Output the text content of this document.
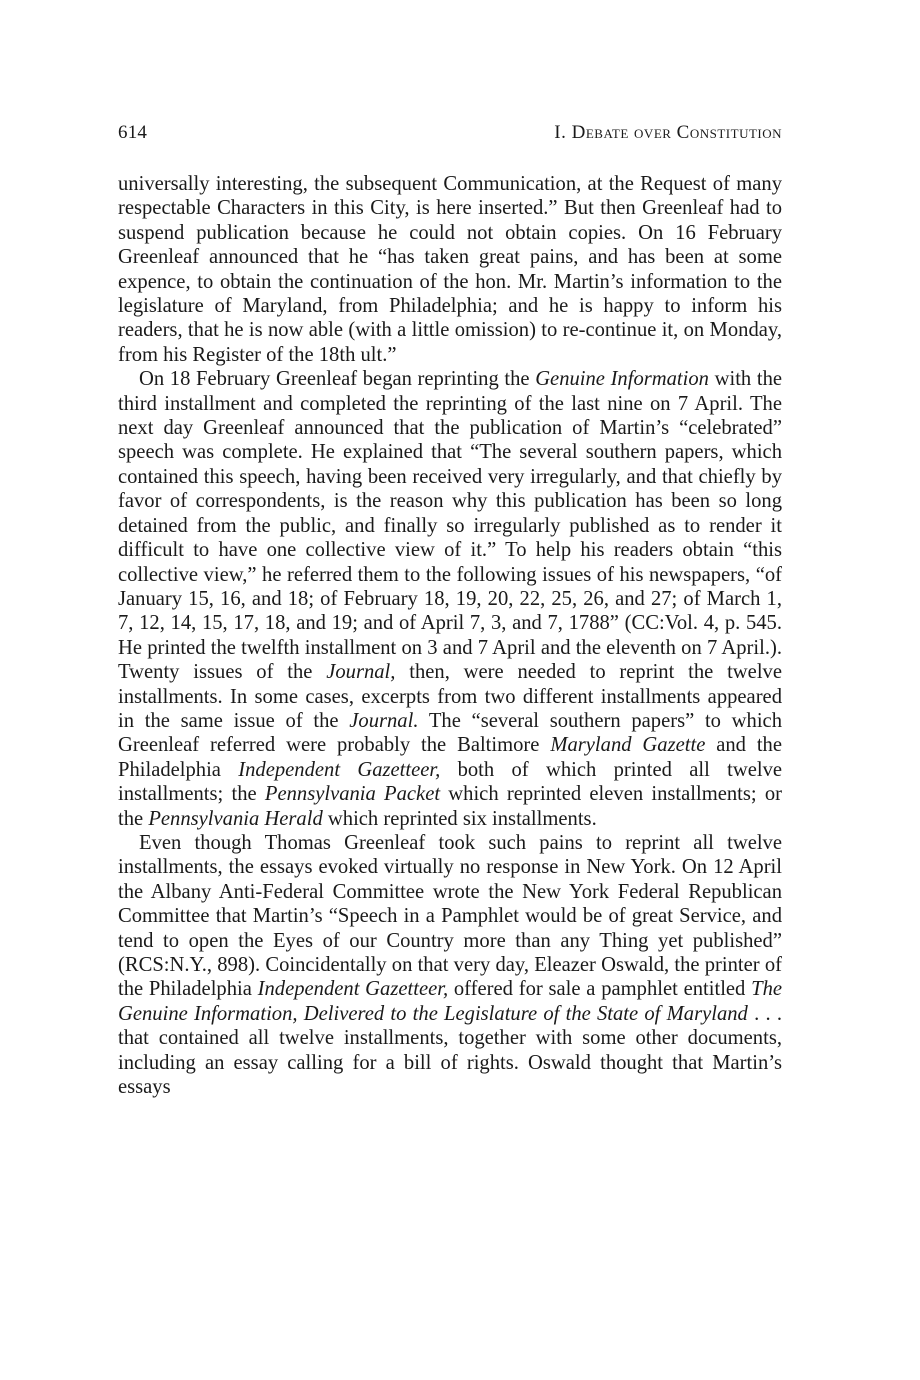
614	I. Debate over Constitution

universally interesting, the subsequent Communication, at the Request of many respectable Characters in this City, is here inserted.” But then Greenleaf had to suspend publication because he could not obtain copies. On 16 February Greenleaf announced that he “has taken great pains, and has been at some expence, to obtain the continuation of the hon. Mr. Martin’s information to the legislature of Maryland, from Philadelphia; and he is happy to inform his readers, that he is now able (with a little omission) to re-continue it, on Monday, from his Register of the 18th ult.”

On 18 February Greenleaf began reprinting the Genuine Information with the third installment and completed the reprinting of the last nine on 7 April. The next day Greenleaf announced that the publication of Martin’s “celebrated” speech was complete. He explained that “The several southern papers, which contained this speech, having been received very irregularly, and that chiefly by favor of correspondents, is the reason why this publication has been so long detained from the public, and finally so irregularly published as to render it difficult to have one collective view of it.” To help his readers obtain “this collective view,” he referred them to the following issues of his newspapers, “of January 15, 16, and 18; of February 18, 19, 20, 22, 25, 26, and 27; of March 1, 7, 12, 14, 15, 17, 18, and 19; and of April 7, 3, and 7, 1788” (CC:Vol. 4, p. 545. He printed the twelfth installment on 3 and 7 April and the eleventh on 7 April.). Twenty issues of the Journal, then, were needed to reprint the twelve installments. In some cases, excerpts from two different installments appeared in the same issue of the Journal. The “several southern papers” to which Greenleaf referred were probably the Baltimore Maryland Gazette and the Philadelphia Independent Gazetteer, both of which printed all twelve installments; the Pennsylvania Packet which reprinted eleven installments; or the Pennsylvania Herald which reprinted six installments.

Even though Thomas Greenleaf took such pains to reprint all twelve installments, the essays evoked virtually no response in New York. On 12 April the Albany Anti-Federal Committee wrote the New York Federal Republican Committee that Martin’s “Speech in a Pamphlet would be of great Service, and tend to open the Eyes of our Country more than any Thing yet published” (RCS:N.Y., 898). Coincidentally on that very day, Eleazer Oswald, the printer of the Philadelphia Independent Gazetteer, offered for sale a pamphlet entitled The Genuine Information, Delivered to the Legislature of the State of Maryland . . . that contained all twelve installments, together with some other documents, including an essay calling for a bill of rights. Oswald thought that Martin’s essays
